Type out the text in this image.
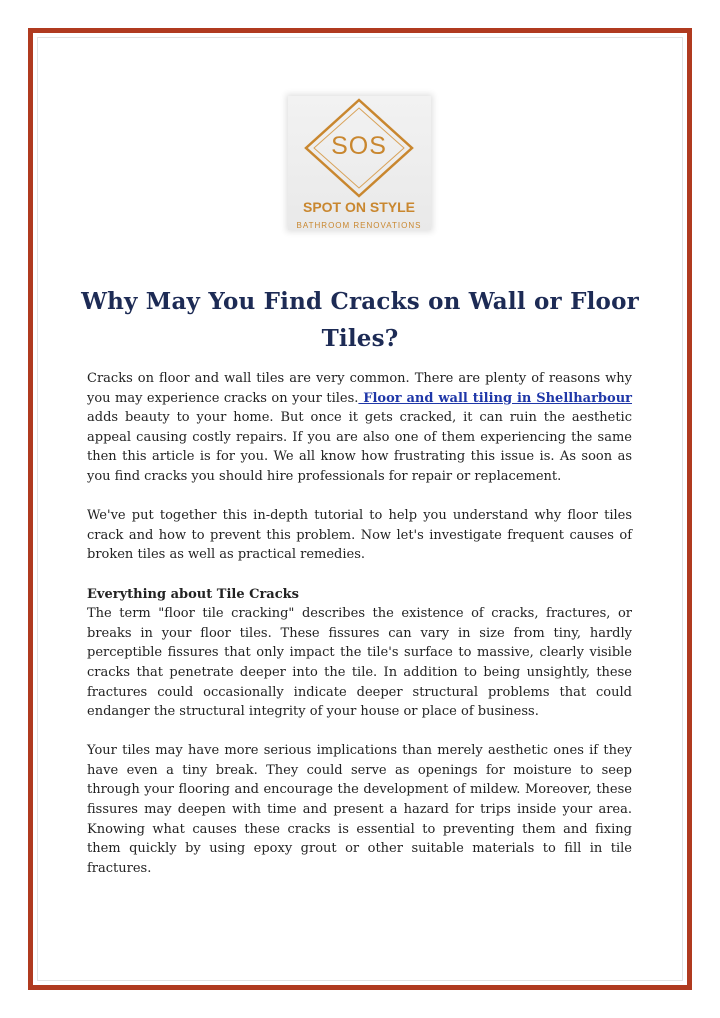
SOS
SPOT ON STYLE
BATHROOM RENOVATIONS
Why May You Find Cracks on Wall or Floor Tiles?

Cracks on floor and wall tiles are very common. There are plenty of reasons why you may experience cracks on your tiles. Floor and wall tiling in Shellharbour adds beauty to your home. But once it gets cracked, it can ruin the aesthetic appeal causing costly repairs. If you are also one of them experiencing the same then this article is for you. We all know how frustrating this issue is. As soon as you find cracks you should hire professionals for repair or replacement.

We've put together this in-depth tutorial to help you understand why floor tiles crack and how to prevent this problem. Now let's investigate frequent causes of broken tiles as well as practical remedies.

Everything about Tile Cracks
The term "floor tile cracking" describes the existence of cracks, fractures, or breaks in your floor tiles. These fissures can vary in size from tiny, hardly perceptible fissures that only impact the tile's surface to massive, clearly visible cracks that penetrate deeper into the tile. In addition to being unsightly, these fractures could occasionally indicate deeper structural problems that could endanger the structural integrity of your house or place of business.

Your tiles may have more serious implications than merely aesthetic ones if they have even a tiny break. They could serve as openings for moisture to seep through your flooring and encourage the development of mildew. Moreover, these fissures may deepen with time and present a hazard for trips inside your area. Knowing what causes these cracks is essential to preventing them and fixing them quickly by using epoxy grout or other suitable materials to fill in tile fractures.
